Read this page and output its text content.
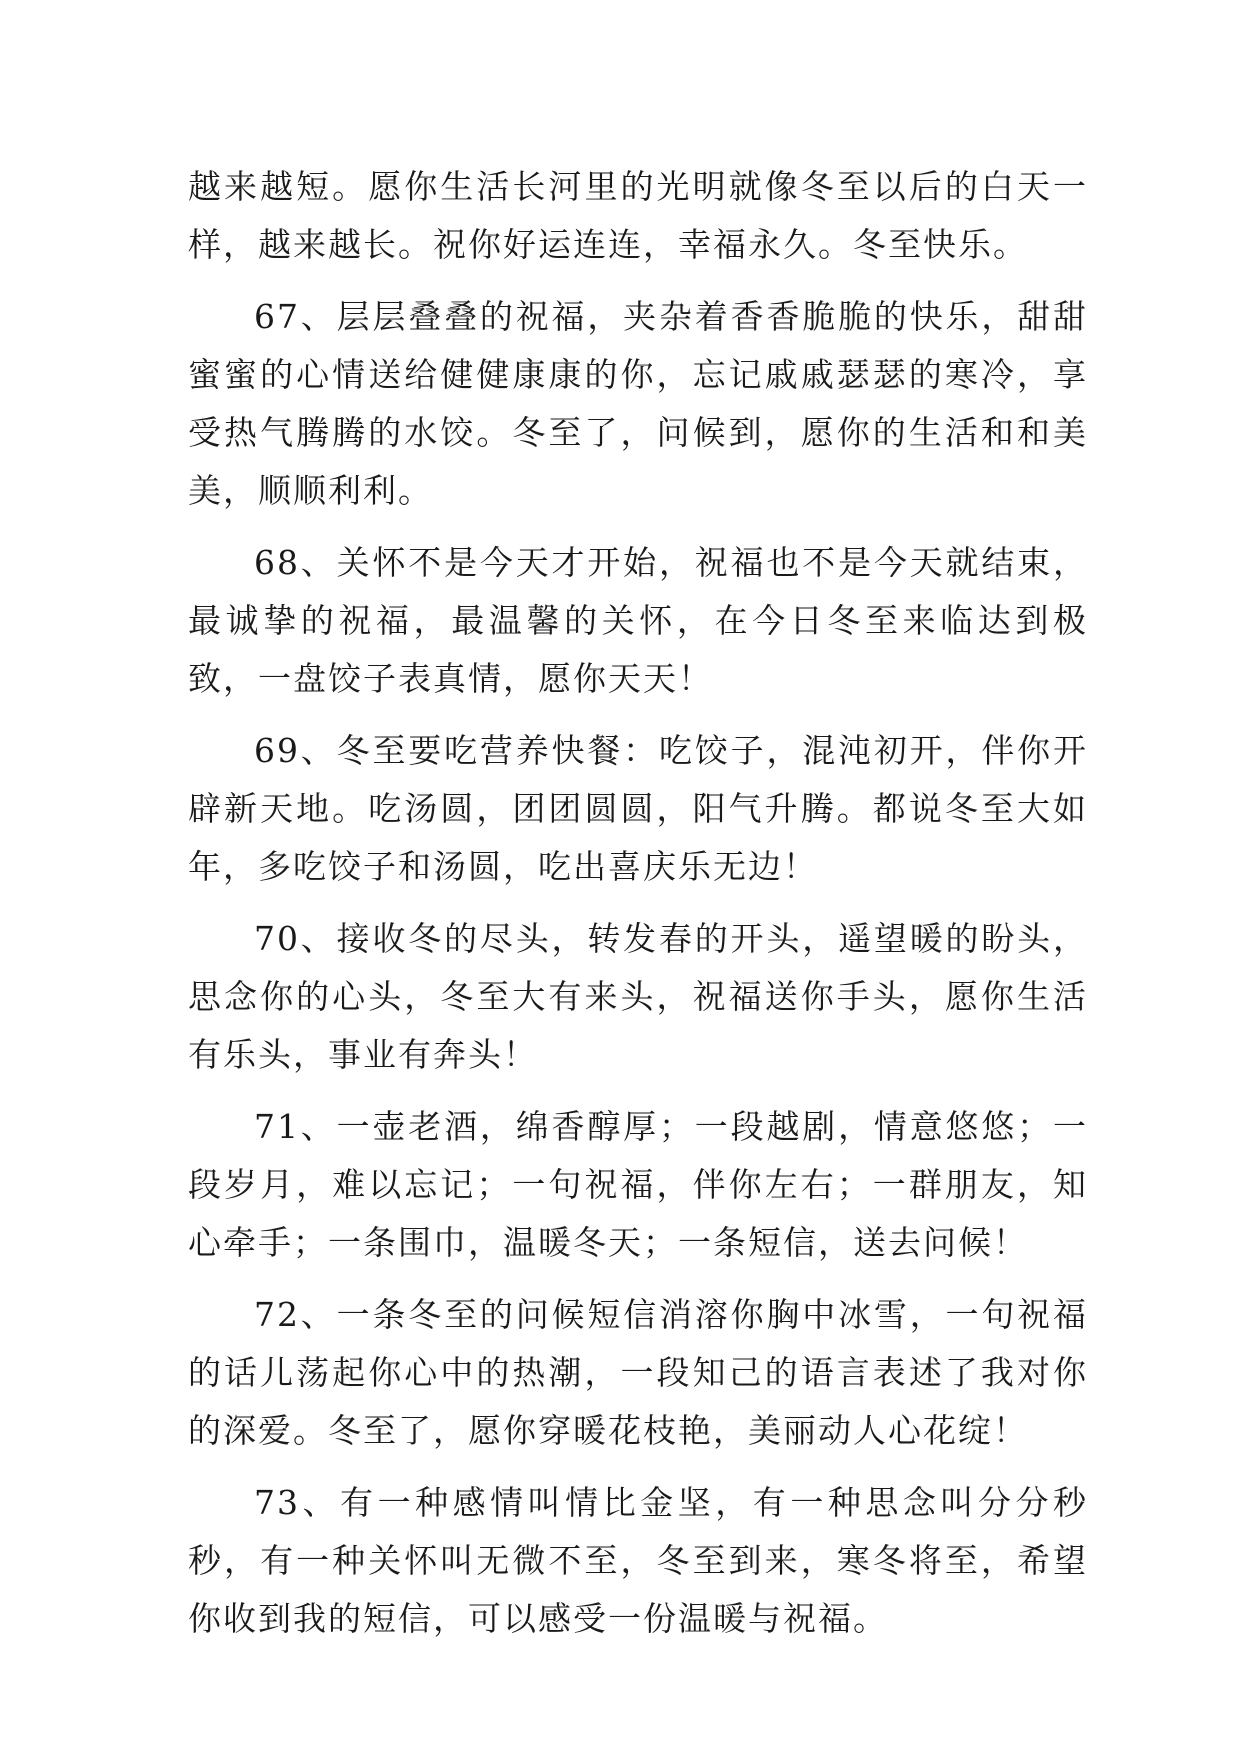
越来越短。愿你生活长河里的光明就像冬至以后的白天一样，越来越长。祝你好运连连，幸福永久。冬至快乐。

67、层层叠叠的祝福，夹杂着香香脆脆的快乐，甜甜蜜蜜的心情送给健健康康的你，忘记戚戚瑟瑟的寒冷，享受热气腾腾的水饺。冬至了，问候到，愿你的生活和和美美，顺顺利利。

68、关怀不是今天才开始，祝福也不是今天就结束，最诚挚的祝福，最温馨的关怀，在今日冬至来临达到极致，一盘饺子表真情，愿你天天！

69、冬至要吃营养快餐：吃饺子，混沌初开，伴你开辟新天地。吃汤圆，团团圆圆，阳气升腾。都说冬至大如年，多吃饺子和汤圆，吃出喜庆乐无边！

70、接收冬的尽头，转发春的开头，遥望暖的盼头，思念你的心头，冬至大有来头，祝福送你手头，愿你生活有乐头，事业有奔头！

71、一壶老酒，绵香醇厚；一段越剧，情意悠悠；一段岁月，难以忘记；一句祝福，伴你左右；一群朋友，知心牵手；一条围巾，温暖冬天；一条短信，送去问候！

72、一条冬至的问候短信消溶你胸中冰雪，一句祝福的话儿荡起你心中的热潮，一段知己的语言表述了我对你的深爱。冬至了，愿你穿暖花枝艳，美丽动人心花绽！

73、有一种感情叫情比金坚，有一种思念叫分分秒秒，有一种关怀叫无微不至，冬至到来，寒冬将至，希望你收到我的短信，可以感受一份温暖与祝福。
